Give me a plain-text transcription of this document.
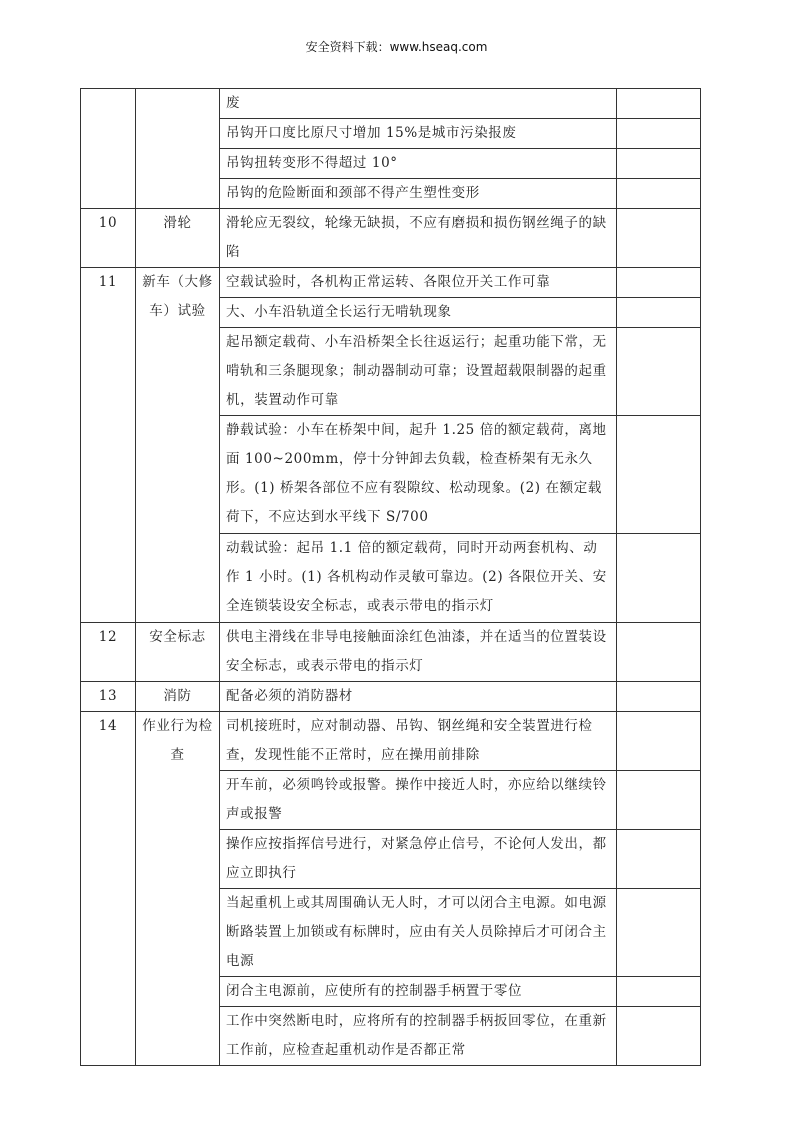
安全资料下载：www.hseaq.com
		废	
		吊钩开口度比原尺寸增加 15%是城市污染报废	
		吊钩扭转变形不得超过 10°	
		吊钩的危险断面和颈部不得产生塑性变形	
10	滑轮	滑轮应无裂纹，轮缘无缺损，不应有磨损和损伤钢丝绳子的缺陷	
11	新车（大修车）试验	空载试验时，各机构正常运转、各限位开关工作可靠	
		大、小车沿轨道全长运行无啃轨现象	
		起吊额定载荷、小车沿桥架全长往返运行；起重功能下常，无啃轨和三条腿现象；制动器制动可靠；设置超载限制器的起重机，装置动作可靠	
		静载试验：小车在桥架中间，起升 1.25 倍的额定载荷，离地面 100~200mm，停十分钟卸去负载，检查桥架有无永久形。(1) 桥架各部位不应有裂隙纹、松动现象。(2) 在额定载荷下，不应达到水平线下 S/700	
		动载试验：起吊 1.1 倍的额定载荷，同时开动两套机构、动作 1 小时。(1) 各机构动作灵敏可靠边。(2) 各限位开关、安全连锁装设安全标志，或表示带电的指示灯	
12	安全标志	供电主滑线在非导电接触面涂红色油漆，并在适当的位置装设安全标志，或表示带电的指示灯	
13	消防	配备必须的消防器材	
14	作业行为检查	司机接班时，应对制动器、吊钩、钢丝绳和安全装置进行检查，发现性能不正常时，应在操用前排除	
		开车前，必须鸣铃或报警。操作中接近人时，亦应给以继续铃声或报警	
		操作应按指挥信号进行，对紧急停止信号，不论何人发出，都应立即执行	
		当起重机上或其周围确认无人时，才可以闭合主电源。如电源断路装置上加锁或有标牌时，应由有关人员除掉后才可闭合主电源	
		闭合主电源前，应使所有的控制器手柄置于零位	
		工作中突然断电时，应将所有的控制器手柄扳回零位，在重新工作前，应检查起重机动作是否都正常	
